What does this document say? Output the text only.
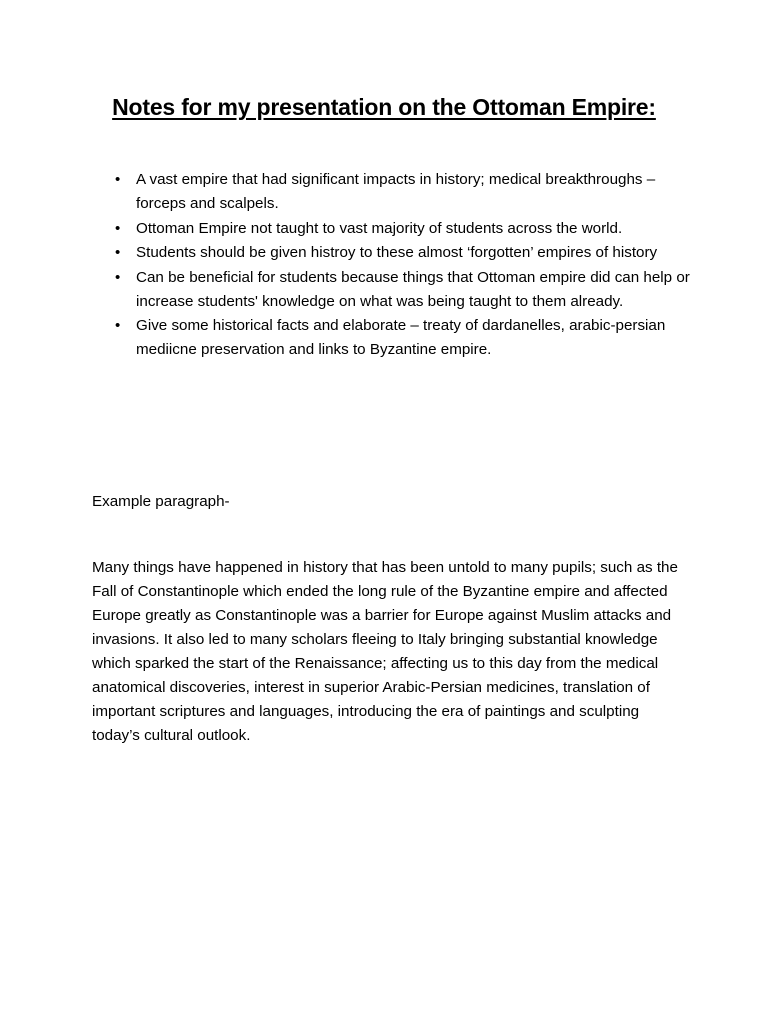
Notes for my presentation on the Ottoman Empire:
• A vast empire that had significant impacts in history; medical breakthroughs – forceps and scalpels.
• Ottoman Empire not taught to vast majority of students across the world.
• Students should be given histroy to these almost ‘forgotten’ empires of history
• Can be beneficial for students because things that Ottoman empire did can help or increase students' knowledge on what was being taught to them already.
• Give some historical facts and elaborate – treaty of dardanelles, arabic-persian mediicne preservation and links to Byzantine empire.

Example paragraph-

Many things have happened in history that has been untold to many pupils; such as the Fall of Constantinople which ended the long rule of the Byzantine empire and affected Europe greatly as Constantinople was a barrier for Europe against Muslim attacks and invasions. It also led to many scholars fleeing to Italy bringing substantial knowledge which sparked the start of the Renaissance; affecting us to this day from the medical anatomical discoveries, interest in superior Arabic-Persian medicines, translation of important scriptures and languages, introducing the era of paintings and sculpting today’s cultural outlook.
